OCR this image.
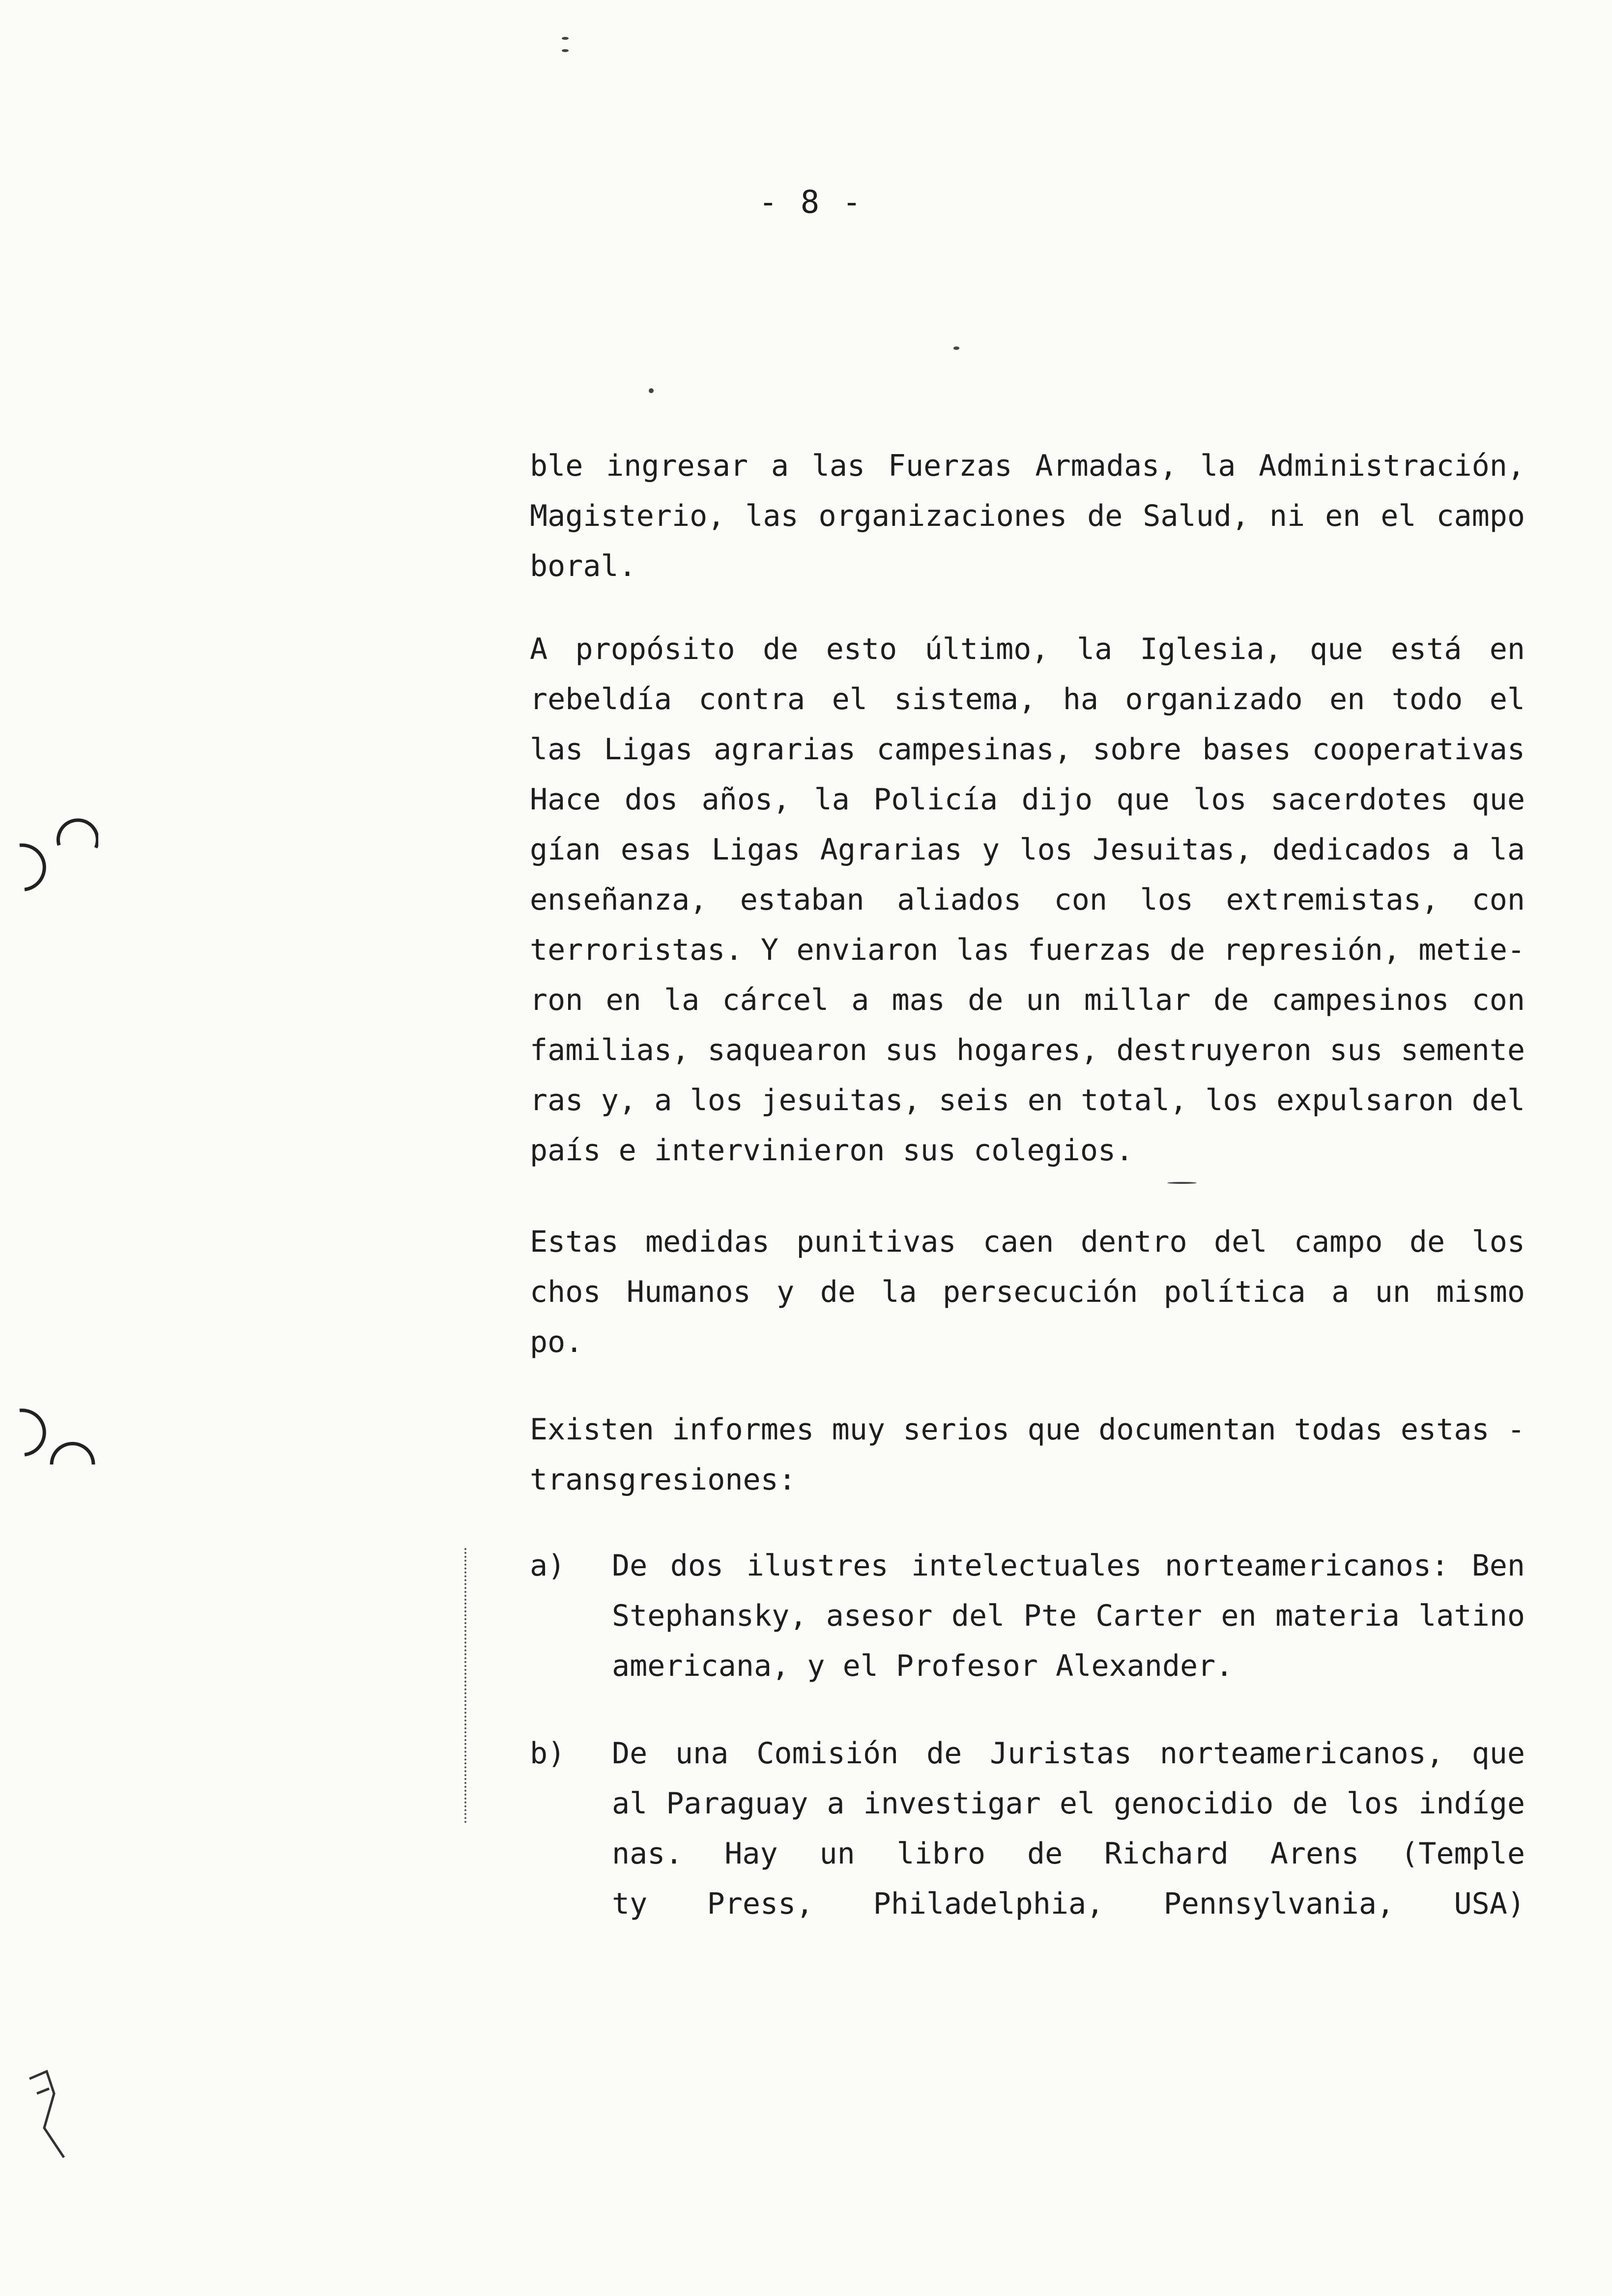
- 8 -
ble ingresar a las Fuerzas Armadas, la Administración,
Magisterio, las organizaciones de Salud, ni en el campo
boral.
A propósito de esto último, la Iglesia, que está en
rebeldía contra el sistema, ha organizado en todo el
las Ligas agrarias campesinas, sobre bases cooperativas
Hace dos años, la Policía dijo que los sacerdotes que
gían esas Ligas Agrarias y los Jesuitas, dedicados a la
enseñanza, estaban aliados con los extremistas, con
terroristas. Y enviaron las fuerzas de represión, metie-
ron en la cárcel a mas de un millar de campesinos con
familias, saquearon sus hogares, destruyeron sus semente
ras y, a los jesuitas, seis en total, los expulsaron del
país e intervinieron sus colegios.
Estas medidas punitivas caen dentro del campo de los
chos Humanos y de la persecución política a un mismo
po.
Existen informes muy serios que documentan todas estas -
transgresiones:
a) De dos ilustres intelectuales norteamericanos: Ben
Stephansky, asesor del Pte Carter en materia latino
americana, y el Profesor Alexander.
b) De una Comisión de Juristas norteamericanos, que
al Paraguay a investigar el genocidio de los indíge
nas. Hay un libro de Richard Arens (Temple
ty Press, Philadelphia, Pennsylvania, USA)
